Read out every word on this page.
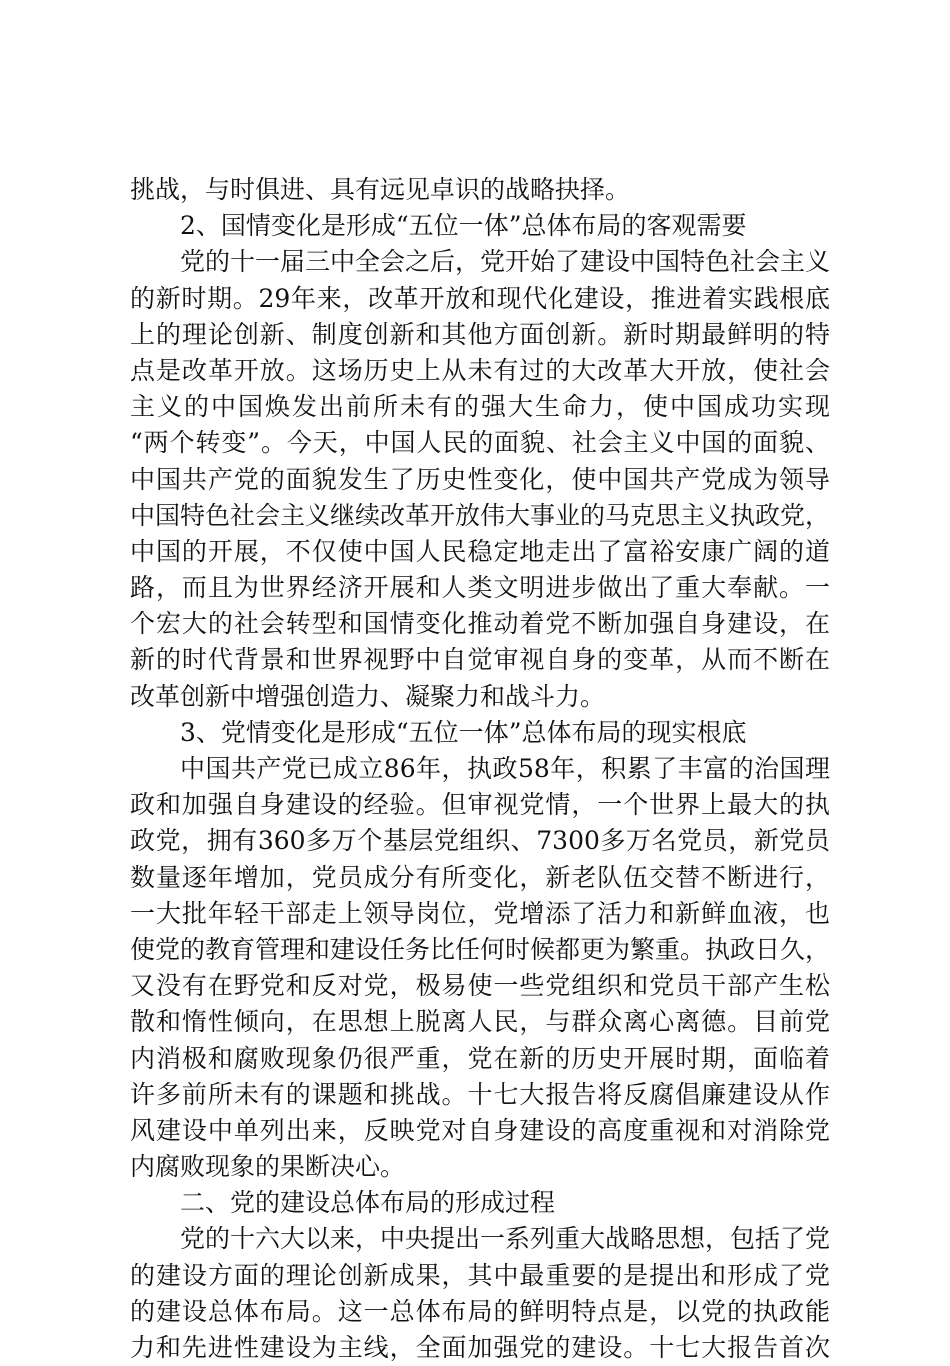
挑战，与时俱进、具有远见卓识的战略抉择。
2、国情变化是形成“五位一体”总体布局的客观需要
党的十一届三中全会之后，党开始了建设中国特色社会主义
的新时期。29年来，改革开放和现代化建设，推进着实践根底
上的理论创新、制度创新和其他方面创新。新时期最鲜明的特
点是改革开放。这场历史上从未有过的大改革大开放，使社会
主义的中国焕发出前所未有的强大生命力，使中国成功实现
“两个转变”。今天，中国人民的面貌、社会主义中国的面貌、
中国共产党的面貌发生了历史性变化，使中国共产党成为领导
中国特色社会主义继续改革开放伟大事业的马克思主义执政党，
中国的开展，不仅使中国人民稳定地走出了富裕安康广阔的道
路，而且为世界经济开展和人类文明进步做出了重大奉献。一
个宏大的社会转型和国情变化推动着党不断加强自身建设，在
新的时代背景和世界视野中自觉审视自身的变革，从而不断在
改革创新中增强创造力、凝聚力和战斗力。
3、党情变化是形成“五位一体”总体布局的现实根底
中国共产党已成立86年，执政58年，积累了丰富的治国理
政和加强自身建设的经验。但审视党情，一个世界上最大的执
政党，拥有360多万个基层党组织、7300多万名党员，新党员
数量逐年增加，党员成分有所变化，新老队伍交替不断进行，
一大批年轻干部走上领导岗位，党增添了活力和新鲜血液，也
使党的教育管理和建设任务比任何时候都更为繁重。执政日久，
又没有在野党和反对党，极易使一些党组织和党员干部产生松
散和惰性倾向，在思想上脱离人民，与群众离心离德。目前党
内消极和腐败现象仍很严重，党在新的历史开展时期，面临着
许多前所未有的课题和挑战。十七大报告将反腐倡廉建设从作
风建设中单列出来，反映党对自身建设的高度重视和对消除党
内腐败现象的果断决心。
二、党的建设总体布局的形成过程
党的十六大以来，中央提出一系列重大战略思想，包括了党
的建设方面的理论创新成果，其中最重要的是提出和形成了党
的建设总体布局。这一总体布局的鲜明特点是，以党的执政能
力和先进性建设为主线，全面加强党的建设。十七大报告首次
